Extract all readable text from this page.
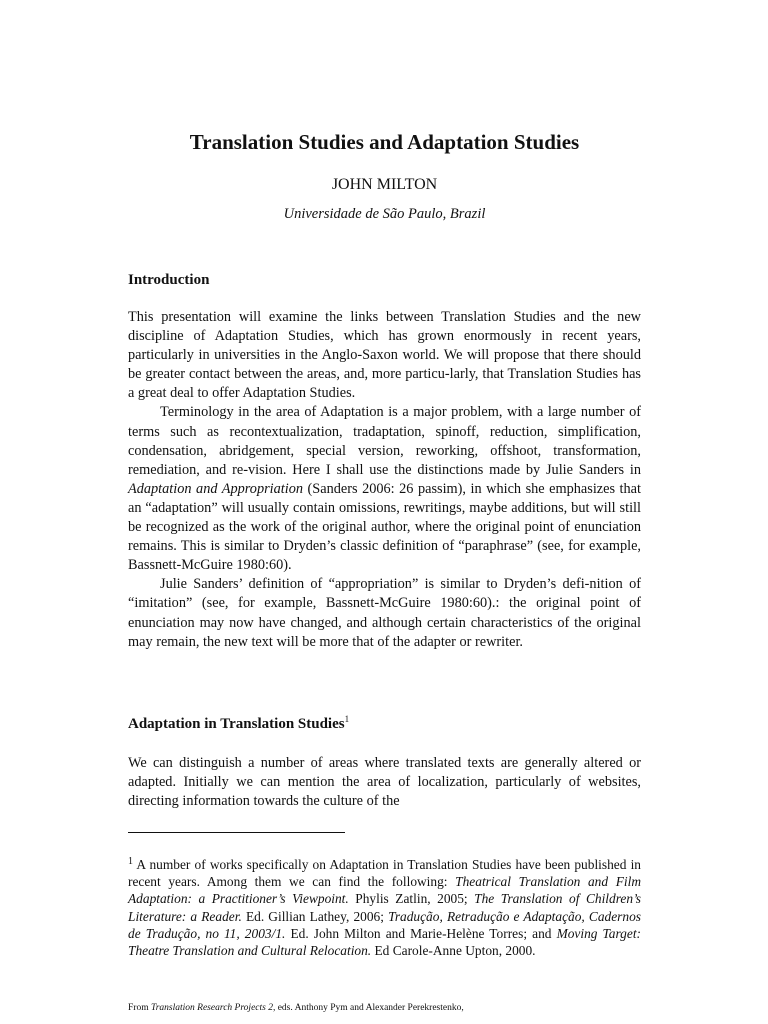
Translation Studies and Adaptation Studies
JOHN MILTON
Universidade de São Paulo, Brazil
Introduction

This presentation will examine the links between Translation Studies and the new discipline of Adaptation Studies, which has grown enormously in recent years, particularly in universities in the Anglo-Saxon world. We will propose that there should be greater contact between the areas, and, more particu-larly, that Translation Studies has a great deal to offer Adaptation Studies.

Terminology in the area of Adaptation is a major problem, with a large number of terms such as recontextualization, tradaptation, spinoff, reduction, simplification, condensation, abridgement, special version, reworking, offshoot, transformation, remediation, and re-vision. Here I shall use the distinctions made by Julie Sanders in Adaptation and Appropriation (Sanders 2006: 26 passim), in which she emphasizes that an “adaptation” will usually contain omissions, rewritings, maybe additions, but will still be recognized as the work of the original author, where the original point of enunciation remains. This is similar to Dryden’s classic definition of “paraphrase” (see, for example, Bassnett-McGuire 1980:60).

Julie Sanders’ definition of “appropriation” is similar to Dryden’s defi-nition of “imitation” (see, for example, Bassnett-McGuire 1980:60).: the original point of enunciation may now have changed, and although certain characteristics of the original may remain, the new text will be more that of the adapter or rewriter.

Adaptation in Translation Studies$^1$

We can distinguish a number of areas where translated texts are generally altered or adapted. Initially we can mention the area of localization, particularly of websites, directing information towards the culture of the

$^1$ A number of works specifically on Adaptation in Translation Studies have been published in recent years. Among them we can find the following: Theatrical Translation and Film Adaptation: a Practitioner’s Viewpoint. Phylis Zatlin, 2005; The Translation of Children’s Literature: a Reader. Ed. Gillian Lathey, 2006; Tradução, Retradução e Adaptação, Cadernos de Tradução, no 11, 2003/1. Ed. John Milton and Marie-Helène Torres; and Moving Target: Theatre Translation and Cultural Relocation. Ed Carole-Anne Upton, 2000.

From Translation Research Projects 2, eds. Anthony Pym and Alexander Perekrestenko,
